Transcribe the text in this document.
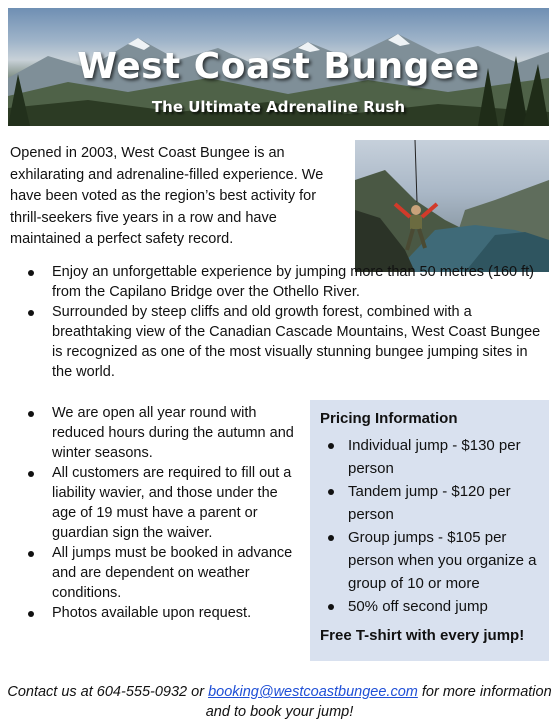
West Coast Bungee
The Ultimate Adrenaline Rush

Opened in 2003, West Coast Bungee is an exhilarating and adrenaline-filled experience. We have been voted as the region’s best activity for thrill-seekers five years in a row and have maintained a perfect safety record.

Enjoy an unforgettable experience by jumping more than 50 metres (160 ft) from the Capilano Bridge over the Othello River.
Surrounded by steep cliffs and old growth forest, combined with a breathtaking view of the Canadian Cascade Mountains, West Coast Bungee is recognized as one of the most visually stunning bungee jumping sites in the world.
We are open all year round with reduced hours during the autumn and winter seasons.
All customers are required to fill out a liability wavier, and those under the age of 19 must have a parent or guardian sign the waiver.
All jumps must be booked in advance and are dependent on weather conditions.
Photos available upon request.
Pricing Information
Individual jump - $130 per person
Tandem jump - $120 per person
Group jumps - $105 per person when you organize a group of 10 or more
50% off second jump
Free T-shirt with every jump!
Contact us at 604-555-0932 or booking@westcoastbungee.com for more information and to book your jump!
